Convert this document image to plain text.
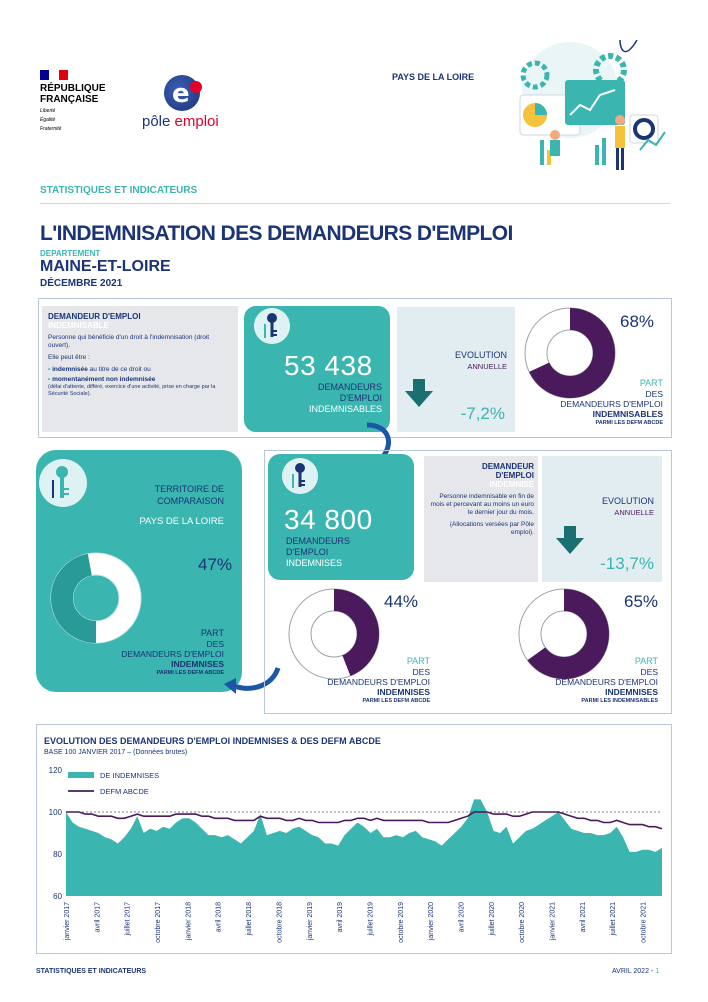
RÉPUBLIQUE
FRANÇAISE
Liberté
Égalité
Fraternité
e
pôle emploi
PAYS DE LA LOIRE
STATISTIQUES ET INDICATEURS
L'INDEMNISATION DES DEMANDEURS D'EMPLOI
DEPARTEMENT
MAINE-ET-LOIRE
DÉCEMBRE 2021
DEMANDEUR D'EMPLOI
INDEMNISABLE
Personne qui bénéficie d'un droit à l'indemnisation (droit ouvert).
Elle peut être :
• indemnisée au titre de ce droit ou
• momentanément non indemnisée
(délai d'attente, différé, exercice d'une activité, prise en charge par la Sécurité Sociale).
53 438
DEMANDEURS
D'EMPLOI
INDEMNISABLES
EVOLUTION
ANNUELLE
-7,2%
68%
PART
DES
DEMANDEURS D'EMPLOI
INDEMNISABLES
PARMI LES DEFM ABCDE
TERRITOIRE DE
COMPARAISON
PAYS DE LA LOIRE
47%
PART
DES
DEMANDEURS D'EMPLOI
INDEMNISES
PARMI LES DEFM ABCDE
34 800
DEMANDEURS
D'EMPLOI
INDEMNISES
DEMANDEUR
D'EMPLOI
INDEMNISE
Personne indemnisable en fin de mois et percevant au moins un euro le dernier jour du mois.
(Allocations versées par Pôle emploi).
EVOLUTION
ANNUELLE
-13,7%
44%
PART
DES
DEMANDEURS D'EMPLOI
INDEMNISES
PARMI LES DEFM ABCDE
65%
PART
DES
DEMANDEURS D'EMPLOI
INDEMNISES
PARMI LES INDEMNISABLES
EVOLUTION DES DEMANDEURS D'EMPLOI INDEMNISES & DES DEFM ABCDE
BASE 100 JANVIER 2017 – (Données brutes)
60
80
100
120
DE INDEMNISES
DEFM ABCDE
janvier 2017	avril 2017	juillet 2017	octobre 2017	janvier 2018	avril 2018	juillet 2018	octobre 2018	janvier 2019	avril 2019	juillet 2019	octobre 2019	janvier 2020	avril 2020	juillet 2020	octobre 2020	janvier 2021	avril 2021	juillet 2021	octobre 2021
STATISTIQUES ET INDICATEURS	AVRIL 2022 - 1
